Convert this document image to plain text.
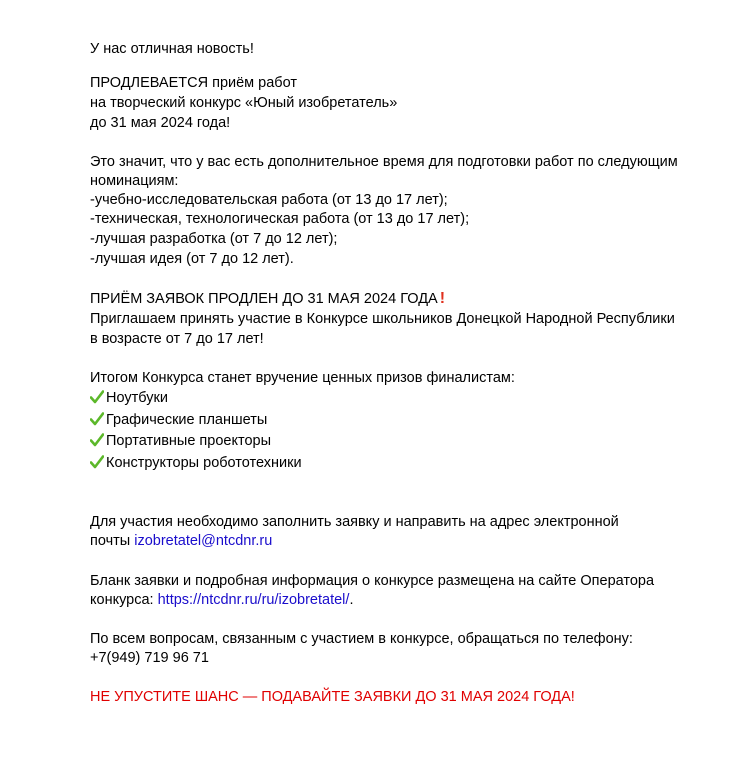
У нас отличная новость!
ПРОДЛЕВАЕТСЯ приём работ
на творческий конкурс «Юный изобретатель»
до 31 мая 2024 года!
Это значит, что у вас есть дополнительное время для подготовки работ по следующим
номинациям:
-учебно-исследовательская работа (от 13 до 17 лет);
-техническая, технологическая работа (от 13 до 17 лет);
-лучшая разработка (от 7 до 12 лет);
-лучшая идея (от 7 до 12 лет).
ПРИЁМ ЗАЯВОК ПРОДЛЕН ДО 31 МАЯ 2024 ГОДА !
Приглашаем принять участие в Конкурсе школьников Донецкой Народной Республики
в возрасте от 7 до 17 лет!
Итогом Конкурса станет вручение ценных призов финалистам:
Ноутбуки
Графические планшеты
Портативные проекторы
Конструкторы робототехники
Для участия необходимо заполнить заявку и направить на адрес электронной
почты izobretatel@ntcdnr.ru
Бланк заявки и подробная информация о конкурсе размещена на сайте Оператора
конкурса: https://ntcdnr.ru/ru/izobretatel/.
По всем вопросам, связанным с участием в конкурсе, обращаться по телефону:
+7(949) 719 96 71
НЕ УПУСТИТЕ ШАНС — ПОДАВАЙТЕ ЗАЯВКИ ДО 31 МАЯ 2024 ГОДА!
